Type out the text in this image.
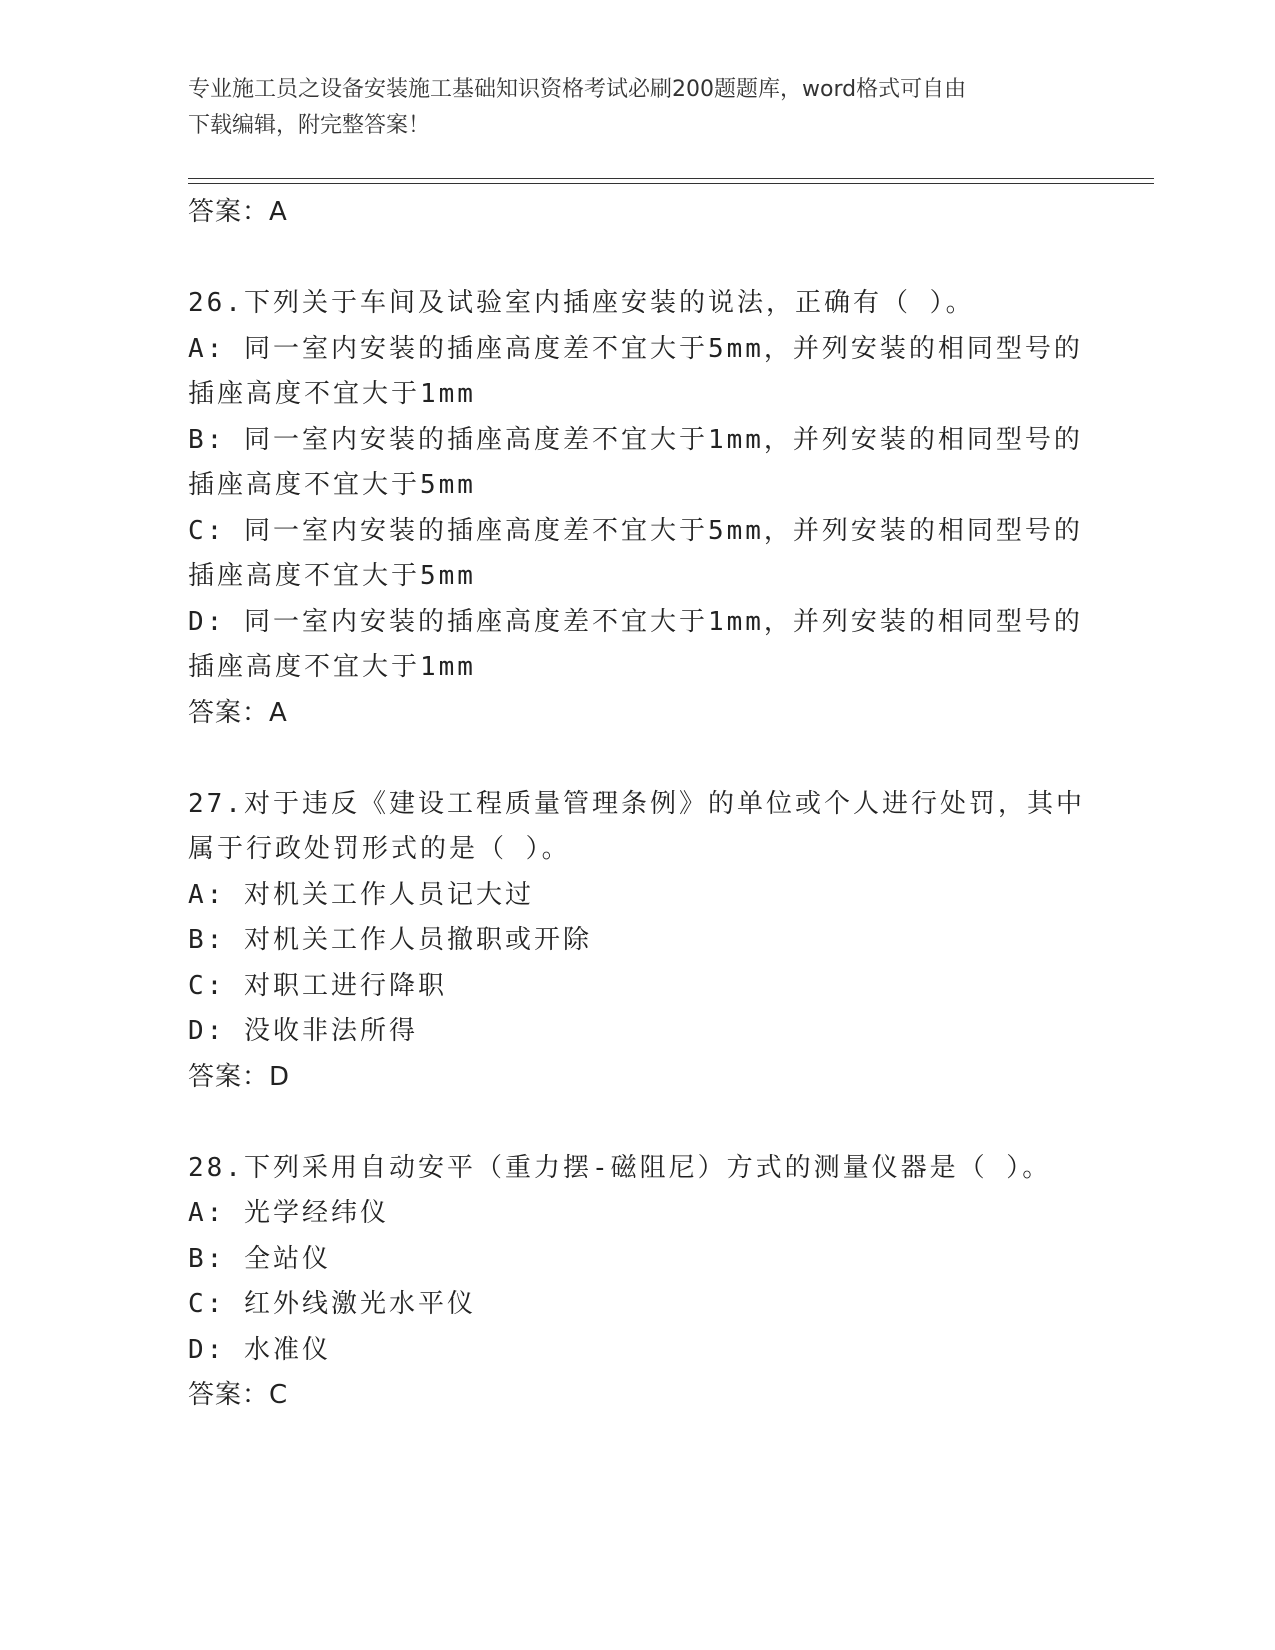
专业施工员之设备安装施工基础知识资格考试必刷200题题库，word格式可自由
下载编辑，附完整答案！
答案：A
26.下列关于车间及试验室内插座安装的说法，正确有（ ）。
A: 同一室内安装的插座高度差不宜大于5mm，并列安装的相同型号的
插座高度不宜大于1mm
B: 同一室内安装的插座高度差不宜大于1mm，并列安装的相同型号的
插座高度不宜大于5mm
C: 同一室内安装的插座高度差不宜大于5mm，并列安装的相同型号的
插座高度不宜大于5mm
D: 同一室内安装的插座高度差不宜大于1mm，并列安装的相同型号的
插座高度不宜大于1mm
答案：A
27.对于违反《建设工程质量管理条例》的单位或个人进行处罚，其中
属于行政处罚形式的是（ ）。
A: 对机关工作人员记大过
B: 对机关工作人员撤职或开除
C: 对职工进行降职
D: 没收非法所得
答案：D
28.下列采用自动安平（重力摆-磁阻尼）方式的测量仪器是（ ）。
A: 光学经纬仪
B: 全站仪
C: 红外线激光水平仪
D: 水准仪
答案：C
